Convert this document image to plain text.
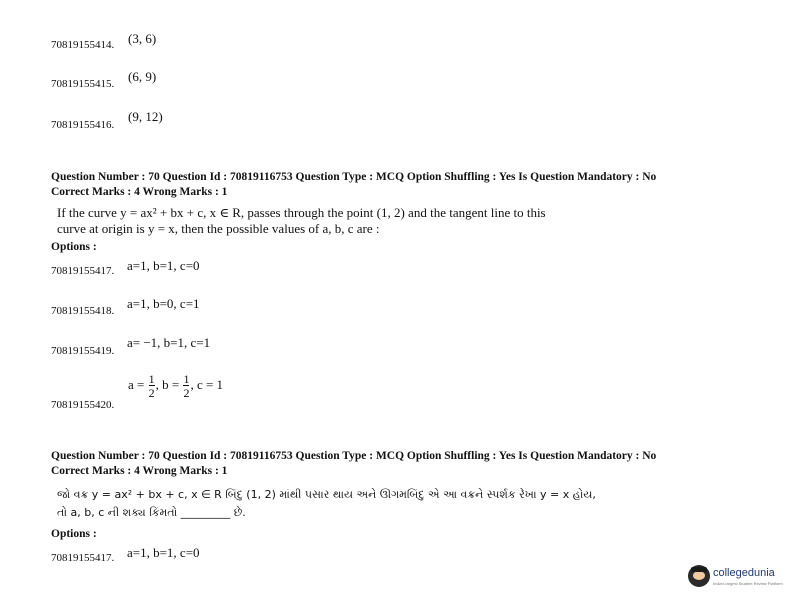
70819155414. (3, 6)
70819155415. (6, 9)
70819155416.
(9, 12)
Question Number : 70 Question Id : 70819116753 Question Type : MCQ Option Shuffling : Yes Is Question Mandatory : No
Correct Marks : 4 Wrong Marks : 1
If the curve y = ax² + bx + c, x ∈ R, passes through the point (1, 2) and the tangent line to this
curve at origin is y = x, then the possible values of a, b, c are :
Options :
70819155417. a=1, b=1, c=0
70819155418. a=1, b=0, c=1
70819155419.
a= −1, b=1, c=1
$a = \frac{1}{2}$ , $b = \frac{1}{2}$ , c = 1
70819155420.
Question Number : 70 Question Id : 70819116753 Question Type : MCQ Option Shuffling : Yes Is Question Mandatory : No
Correct Marks : 4 Wrong Marks : 1
જો વક્ર y = ax² + bx + c, x ∈ R બિંદુ (1, 2) માંથી પસાર થાય અને ઊગમબિંદુ એ આ વક્રને સ્પર્શક રેખા y = x હોય,
તો a, b, c ની શક્ય કિંમતો _________ છે.
Options :
70819155417. a=1, b=1, c=0
collegedunia
India's largest Student Review Platform
